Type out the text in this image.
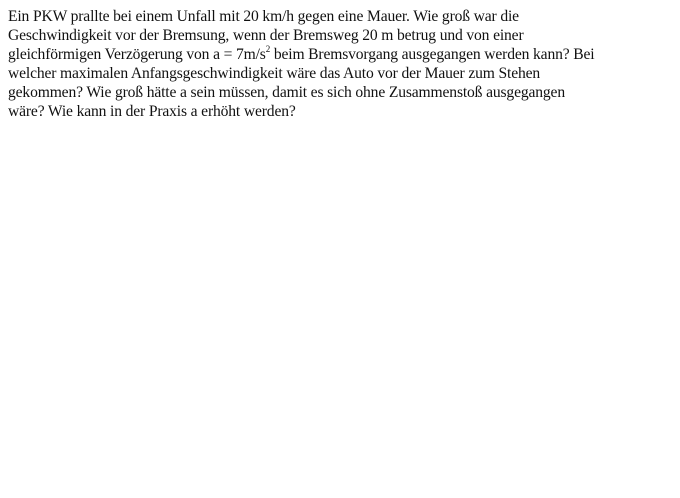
Ein PKW prallte bei einem Unfall mit 20 km/h gegen eine Mauer. Wie groß war die
Geschwindigkeit vor der Bremsung, wenn der Bremsweg 20 m betrug und von einer
gleichförmigen Verzögerung von $a = 7m/s^2$ beim Bremsvorgang ausgegangen werden kann? Bei
welcher maximalen Anfangsgeschwindigkeit wäre das Auto vor der Mauer zum Stehen
gekommen? Wie groß hätte a sein müssen, damit es sich ohne Zusammenstoß ausgegangen
wäre? Wie kann in der Praxis a erhöht werden?
